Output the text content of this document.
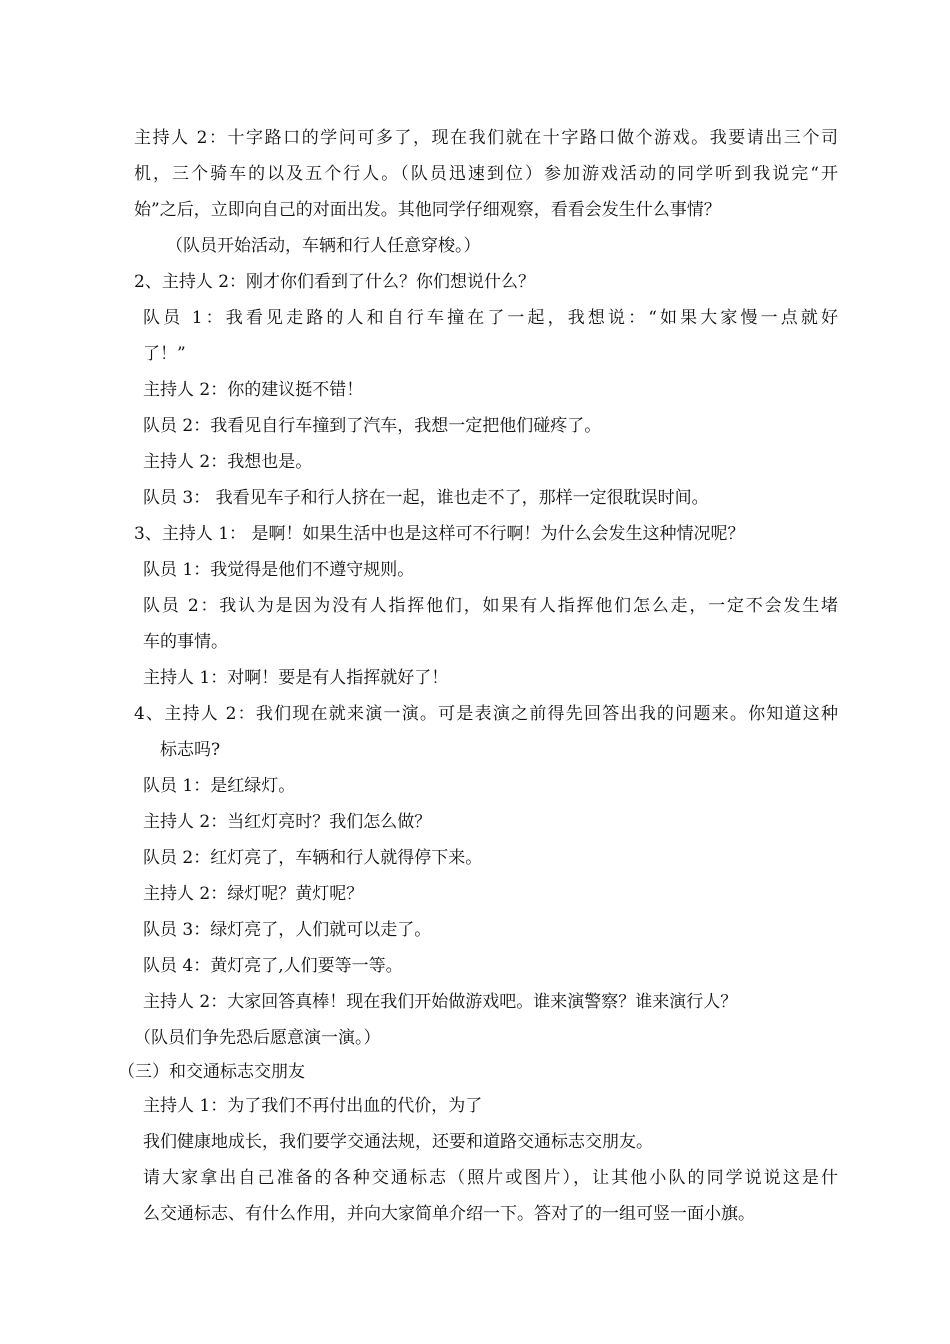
主持人 2：十字路口的学问可多了，现在我们就在十字路口做个游戏。我要请出三个司
机，三个骑车的以及五个行人。（队员迅速到位）参加游戏活动的同学听到我说完“开
始”之后，立即向自己的对面出发。其他同学仔细观察，看看会发生什么事情？
（队员开始活动，车辆和行人任意穿梭。）
2、主持人 2：刚才你们看到了什么？你们想说什么？
队员 1：我看见走路的人和自行车撞在了一起，我想说：“如果大家慢一点就好
了！”
主持人 2：你的建议挺不错！
队员 2：我看见自行车撞到了汽车，我想一定把他们碰疼了。
主持人 2：我想也是。
队员 3： 我看见车子和行人挤在一起，谁也走不了，那样一定很耽误时间。
3、主持人 1： 是啊！如果生活中也是这样可不行啊！为什么会发生这种情况呢？
队员 1：我觉得是他们不遵守规则。
队员 2：我认为是因为没有人指挥他们，如果有人指挥他们怎么走，一定不会发生堵
车的事情。
主持人 1：对啊！要是有人指挥就好了！
4、主持人 2：我们现在就来演一演。可是表演之前得先回答出我的问题来。你知道这种
标志吗?
队员 1：是红绿灯。
主持人 2：当红灯亮时？我们怎么做？
队员 2：红灯亮了，车辆和行人就得停下来。
主持人 2：绿灯呢？黄灯呢？
队员 3：绿灯亮了，人们就可以走了。
队员 4：黄灯亮了,人们要等一等。
主持人 2：大家回答真棒！现在我们开始做游戏吧。谁来演警察？谁来演行人？
（队员们争先恐后愿意演一演。）
（三）和交通标志交朋友
主持人 1：为了我们不再付出血的代价，为了
我们健康地成长，我们要学交通法规，还要和道路交通标志交朋友。
请大家拿出自己准备的各种交通标志（照片或图片），让其他小队的同学说说这是什
么交通标志、有什么作用，并向大家简单介绍一下。答对了的一组可竖一面小旗。
